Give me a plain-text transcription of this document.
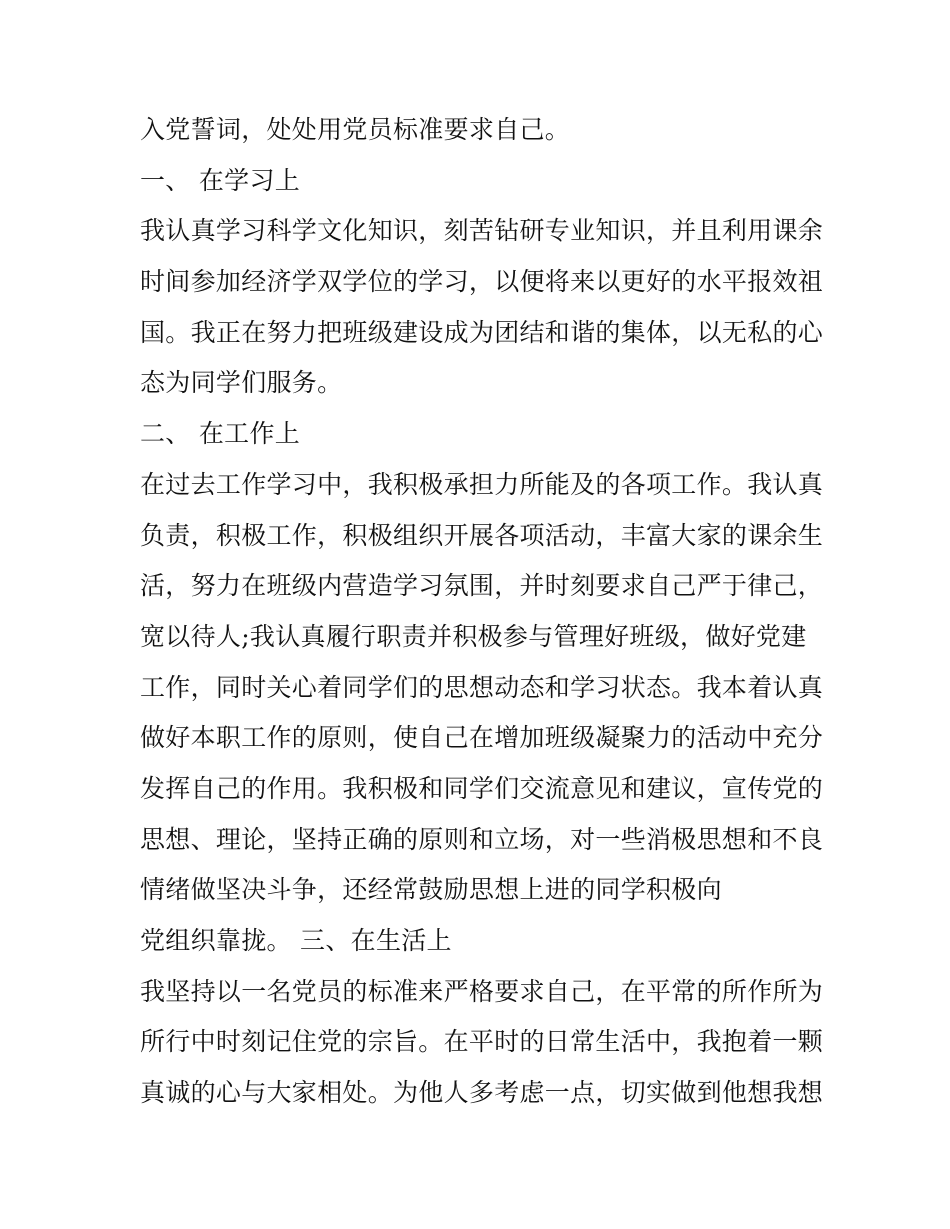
入党誓词，处处用党员标准要求自己。
一、 在学习上
我认真学习科学文化知识，刻苦钻研专业知识，并且利用课余
时间参加经济学双学位的学习，以便将来以更好的水平报效祖
国。我正在努力把班级建设成为团结和谐的集体，以无私的心
态为同学们服务。
二、 在工作上
在过去工作学习中，我积极承担力所能及的各项工作。我认真
负责，积极工作，积极组织开展各项活动，丰富大家的课余生
活，努力在班级内营造学习氛围，并时刻要求自己严于律己，
宽以待人;我认真履行职责并积极参与管理好班级，做好党建
工作，同时关心着同学们的思想动态和学习状态。我本着认真
做好本职工作的原则，使自己在增加班级凝聚力的活动中充分
发挥自己的作用。我积极和同学们交流意见和建议，宣传党的
思想、理论，坚持正确的原则和立场，对一些消极思想和不良
情绪做坚决斗争，还经常鼓励思想上进的同学积极向
党组织靠拢。 三、在生活上
我坚持以一名党员的标准来严格要求自己，在平常的所作所为
所行中时刻记住党的宗旨。在平时的日常生活中，我抱着一颗
真诚的心与大家相处。为他人多考虑一点，切实做到他想我想
